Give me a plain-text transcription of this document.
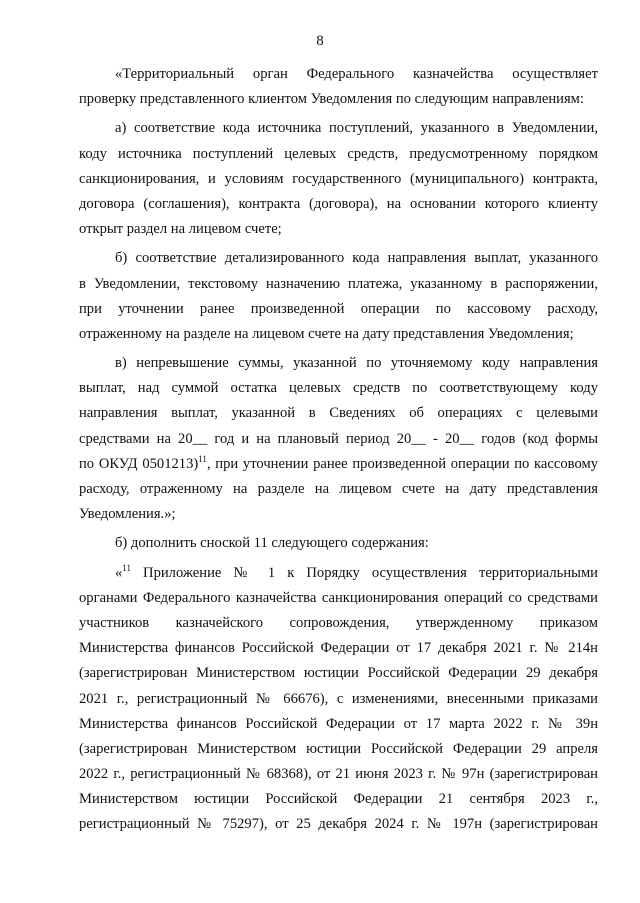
8
«Территориальный орган Федерального казначейства осуществляет
проверку представленного клиентом Уведомления по следующим направлениям:
а) соответствие кода источника поступлений, указанного в Уведомлении,
коду источника поступлений целевых средств, предусмотренному порядком
санкционирования, и условиям государственного (муниципального) контракта,
договора (соглашения), контракта (договора), на основании которого клиенту
открыт раздел на лицевом счете;
б) соответствие детализированного кода направления выплат, указанного
в Уведомлении, текстовому назначению платежа, указанному в распоряжении,
при уточнении ранее произведенной операции по кассовому расходу,
отраженному на разделе на лицевом счете на дату представления Уведомления;
в) непревышение суммы, указанной по уточняемому коду направления
выплат, над суммой остатка целевых средств по соответствующему коду
направления выплат, указанной в Сведениях об операциях с целевыми
средствами на 20__ год и на плановый период 20__ - 20__ годов (код формы
по ОКУД 0501213)$^{11}$, при уточнении ранее произведенной операции по кассовому
расходу, отраженному на разделе на лицевом счете на дату представления
Уведомления.»;
б) дополнить сноской 11 следующего содержания:
«$^{11}$ Приложение № 1 к Порядку осуществления территориальными
органами Федерального казначейства санкционирования операций со средствами
участников казначейского сопровождения, утвержденному приказом
Министерства финансов Российской Федерации от 17 декабря 2021 г. № 214н
(зарегистрирован Министерством юстиции Российской Федерации 29 декабря
2021 г., регистрационный № 66676), с изменениями, внесенными приказами
Министерства финансов Российской Федерации от 17 марта 2022 г. № 39н
(зарегистрирован Министерством юстиции Российской Федерации 29 апреля
2022 г., регистрационный № 68368), от 21 июня 2023 г. № 97н (зарегистрирован
Министерством юстиции Российской Федерации 21 сентября 2023 г.,
регистрационный № 75297), от 25 декабря 2024 г. № 197н (зарегистрирован
